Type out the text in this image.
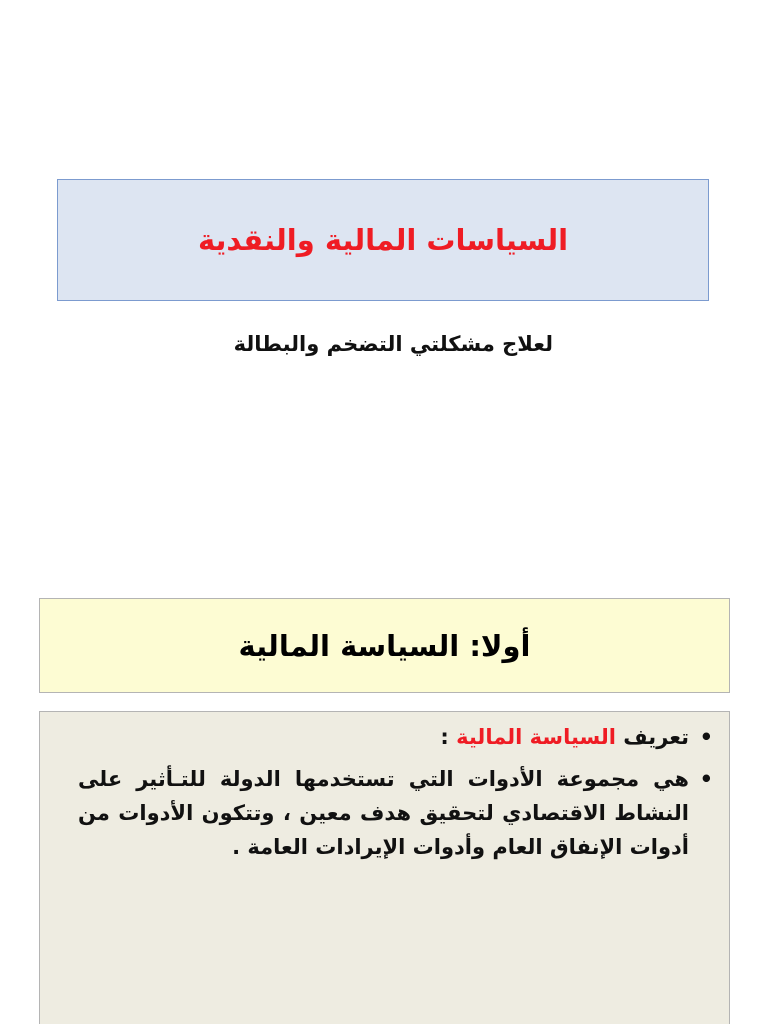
السياسات المالية والنقدية
لعلاج مشكلتي التضخم والبطالة
أولا: السياسة المالية
•
تعريف السياسة المالية :
•
هي مجموعة الأدوات التي تستخدمها الدولة للتـأثير على النشاط الاقتصادي لتحقيق هدف معين ، وتتكون الأدوات من أدوات الإنفاق العام وأدوات الإيرادات العامة .
